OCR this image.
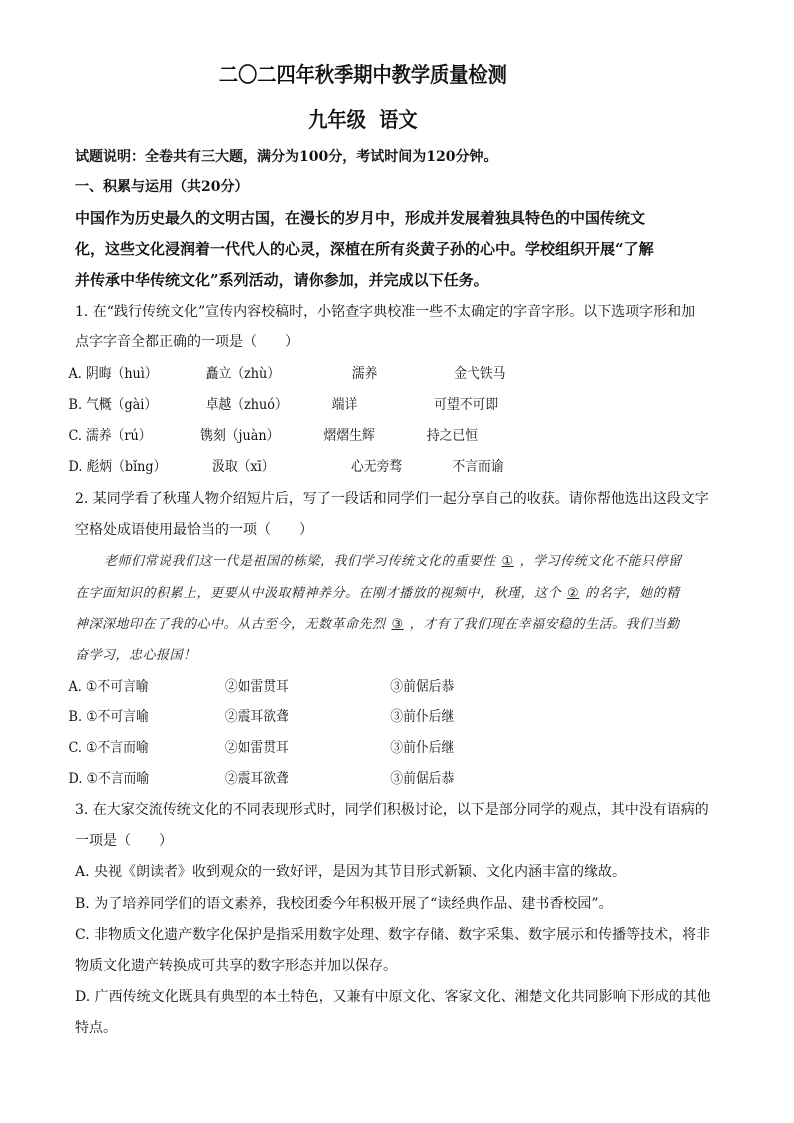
二〇二四年秋季期中教学质量检测
九年级  语文
试题说明：全卷共有三大题，满分为100分，考试时间为120分钟。
一、积累与运用（共20分）
中国作为历史最久的文明古国，在漫长的岁月中，形成并发展着独具特色的中国传统文
化，这些文化浸润着一代代人的心灵，深植在所有炎黄子孙的心中。学校组织开展“了解
并传承中华传统文化”系列活动，请你参加，并完成以下任务。
1. 在“践行传统文化”宣传内容校稿时，小铭查字典校准一些不太确定的字音字形。以下选项字形和加
点字字音全都正确的一项是（　　）
A. 阴晦（huì）	矗立（zhù）	濡养	金弋铁马
B. 气概（gài）	卓越（zhuó）	端详	可望不可即
C. 濡养（rú）	镌刻（juàn）	熠熠生辉	持之已恒
D. 彪炳（bǐng）	汲取（xī）	心无旁骛	不言而谕
2. 某同学看了秋瑾人物介绍短片后，写了一段话和同学们一起分享自己的收获。请你帮他选出这段文字
空格处成语使用最恰当的一项（　　）
老师们常说我们这一代是祖国的栋梁，我们学习传统文化的重要性 ① ，学习传统文化不能只停留
在字面知识的积累上，更要从中汲取精神养分。在刚才播放的视频中，秋瑾，这个 ② 的名字，她的精
神深深地印在了我的心中。从古至今，无数革命先烈 ③ ，才有了我们现在幸福安稳的生活。我们当勤
奋学习，忠心报国！
A. ①不可言喻	②如雷贯耳	③前倨后恭
B. ①不可言喻	②震耳欲聋	③前仆后继
C. ①不言而喻	②如雷贯耳	③前仆后继
D. ①不言而喻	②震耳欲聋	③前倨后恭
3. 在大家交流传统文化的不同表现形式时，同学们积极讨论，以下是部分同学的观点，其中没有语病的
一项是（　　）
A. 央视《朗读者》收到观众的一致好评，是因为其节目形式新颖、文化内涵丰富的缘故。
B. 为了培养同学们的语文素养，我校团委今年积极开展了“读经典作品、建书香校园”。
C. 非物质文化遗产数字化保护是指采用数字处理、数字存储、数字采集、数字展示和传播等技术，将非
物质文化遗产转换成可共享的数字形态并加以保存。
D. 广西传统文化既具有典型的本土特色，又兼有中原文化、客家文化、湘楚文化共同影响下形成的其他
特点。
